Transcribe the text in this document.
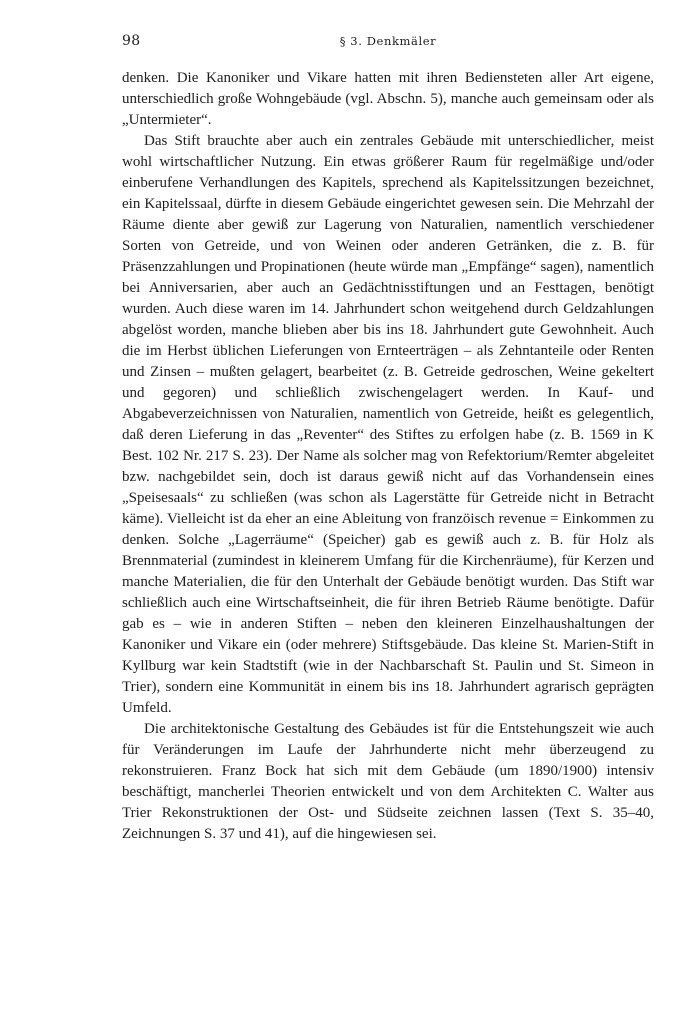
98	§ 3. Denkmäler

denken. Die Kanoniker und Vikare hatten mit ihren Bediensteten aller Art eigene, unterschiedlich große Wohngebäude (vgl. Abschn. 5), manche auch gemeinsam oder als „Untermieter“.

Das Stift brauchte aber auch ein zentrales Gebäude mit unterschiedlicher, meist wohl wirtschaftlicher Nutzung. Ein etwas größerer Raum für regelmäßige und/oder einberufene Verhandlungen des Kapitels, sprechend als Kapitelssitzungen bezeichnet, ein Kapitelssaal, dürfte in diesem Gebäude eingerichtet gewesen sein. Die Mehrzahl der Räume diente aber gewiß zur Lagerung von Naturalien, namentlich verschiedener Sorten von Getreide, und von Weinen oder anderen Getränken, die z. B. für Präsenzzahlungen und Propinationen (heute würde man „Empfänge“ sagen), namentlich bei Anniversarien, aber auch an Gedächtnisstiftungen und an Festtagen, benötigt wurden. Auch diese waren im 14. Jahrhundert schon weitgehend durch Geldzahlungen abgelöst worden, manche blieben aber bis ins 18. Jahrhundert gute Gewohnheit. Auch die im Herbst üblichen Lieferungen von Ernteerträgen – als Zehntanteile oder Renten und Zinsen – mußten gelagert, bearbeitet (z. B. Getreide gedroschen, Weine gekeltert und gegoren) und schließlich zwischengelagert werden. In Kauf- und Abgabeverzeichnissen von Naturalien, namentlich von Getreide, heißt es gelegentlich, daß deren Lieferung in das „Reventer“ des Stiftes zu erfolgen habe (z. B. 1569 in K Best. 102 Nr. 217 S. 23). Der Name als solcher mag von Refektorium/Remter abgeleitet bzw. nachgebildet sein, doch ist daraus gewiß nicht auf das Vorhandensein eines „Speisesaals“ zu schließen (was schon als Lagerstätte für Getreide nicht in Betracht käme). Vielleicht ist da eher an eine Ableitung von franzöisch revenue = Einkommen zu denken. Solche „Lagerräume“ (Speicher) gab es gewiß auch z. B. für Holz als Brennmaterial (zumindest in kleinerem Umfang für die Kirchenräume), für Kerzen und manche Materialien, die für den Unterhalt der Gebäude benötigt wurden. Das Stift war schließlich auch eine Wirtschaftseinheit, die für ihren Betrieb Räume benötigte. Dafür gab es – wie in anderen Stiften – neben den kleineren Einzelhaushaltungen der Kanoniker und Vikare ein (oder mehrere) Stiftsgebäude. Das kleine St. Marien-Stift in Kyllburg war kein Stadtstift (wie in der Nachbarschaft St. Paulin und St. Simeon in Trier), sondern eine Kommunität in einem bis ins 18. Jahrhundert agrarisch geprägten Umfeld.

Die architektonische Gestaltung des Gebäudes ist für die Entstehungszeit wie auch für Veränderungen im Laufe der Jahrhunderte nicht mehr überzeugend zu rekonstruieren. Franz Bock hat sich mit dem Gebäude (um 1890/1900) intensiv beschäftigt, mancherlei Theorien entwickelt und von dem Architekten C. Walter aus Trier Rekonstruktionen der Ost- und Südseite zeichnen lassen (Text S. 35–40, Zeichnungen S. 37 und 41), auf die hingewiesen sei.
